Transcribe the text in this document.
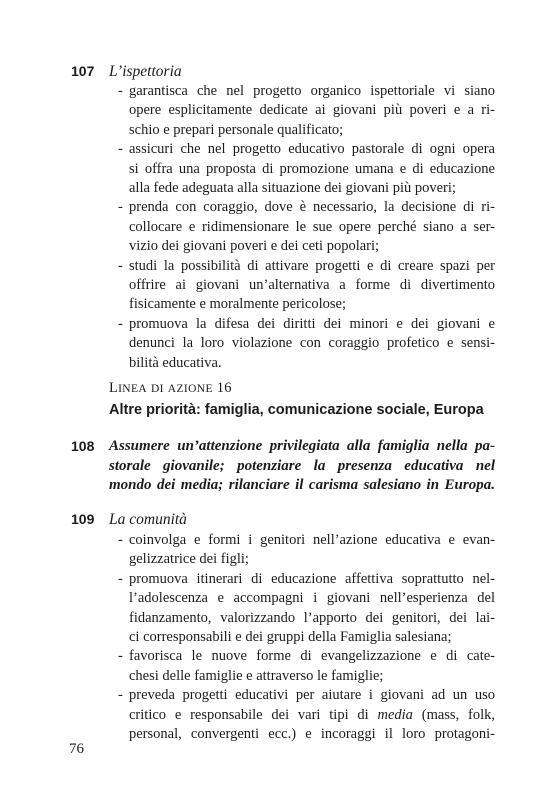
107 L’ispettoria
- garantisca che nel progetto organico ispettoriale vi siano
opere esplicitamente dedicate ai giovani più poveri e a ri-
schio e prepari personale qualificato;
- assicuri che nel progetto educativo pastorale di ogni opera
si offra una proposta di promozione umana e di educazione
alla fede adeguata alla situazione dei giovani più poveri;
- prenda con coraggio, dove è necessario, la decisione di ri-
collocare e ridimensionare le sue opere perché siano a ser-
vizio dei giovani poveri e dei ceti popolari;
- studi la possibilità di attivare progetti e di creare spazi per
offrire ai giovani un’alternativa a forme di divertimento
fisicamente e moralmente pericolose;
- promuova la difesa dei diritti dei minori e dei giovani e
denunci la loro violazione con coraggio profetico e sensi-
bilità educativa.
LINEA DI AZIONE 16
Altre priorità: famiglia, comunicazione sociale, Europa
108 Assumere un’attenzione privilegiata alla famiglia nella pa-
storale giovanile; potenziare la presenza educativa nel
mondo dei media; rilanciare il carisma salesiano in Europa.
109 La comunità
- coinvolga e formi i genitori nell’azione educativa e evan-
gelizzatrice dei figli;
- promuova itinerari di educazione affettiva soprattutto nel-
l’adolescenza e accompagni i giovani nell’esperienza del
fidanzamento, valorizzando l’apporto dei genitori, dei lai-
ci corresponsabili e dei gruppi della Famiglia salesiana;
- favorisca le nuove forme di evangelizzazione e di cate-
chesi delle famiglie e attraverso le famiglie;
- preveda progetti educativi per aiutare i giovani ad un uso
critico e responsabile dei vari tipi di media (mass, folk,
personal, convergenti ecc.) e incoraggi il loro protagoni-
76
